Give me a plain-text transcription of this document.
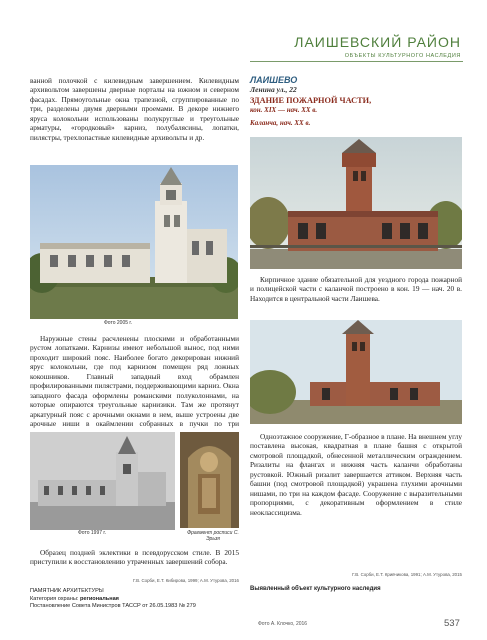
ЛАИШЕВСКИЙ РАЙОН
ОБЪЕКТЫ КУЛЬТУРНОГО НАСЛЕДИЯ

ванной полочкой с килевидным завершением. Килевидным архивольтом завершены дверные порталы на южном и северном фасадах. Прямоугольные окна трапезной, сгруппированные по три, разделены двумя дверными проемами. В декоре нижнего яруса колокольни использованы полукруглые и треугольные арматуры, «городковый» карниз, полубалясины, лопатки, пилястры, трехлопастные килевидные архивольты и др.

Фото 2005 г.

Наружные стены расчленены плоскими и обработанными рустом лопатками. Карнизы имеют небольшой вынос, под ними проходит широкий пояс. Наиболее богато декорирован нижний ярус колокольни, где под карнизом помещен ряд ложных кокошников. Главный западный вход обрамлен профилированными пилястрами, поддерживающими карниз. Окна западного фасада оформлены романскими полуколоннами, на которые опираются треугольные карнизики. Там же протянут аркатурный пояс с арочными окнами в нем, выше устроены две арочные ниши в окаймлении собранных в пучки по три

Фото 1997 г.	Фрагмент росписи С. Эрьзя

Образец поздней эклектики в псевдорусском стиле. В 2015 приступили к восстановлению утраченных завершений собора.

Г.В. Сорби, Е.Т. Кибирова, 1999; А.М. Утурова, 2016
ПАМЯТНИК АРХИТЕКТУРЫ
Категория охраны: региональная
Постановление Совета Министров ТАССР от 26.05.1983 № 279
ЛАИШЕВО
Ленина ул., 22
ЗДАНИЕ ПОЖАРНОЙ ЧАСТИ,
кон. XIX — нач. XX в.
Каланча, нач. XX в.

Кирпичное здание обязательной для уездного города пожарной и полицейской части с каланчой построено в кон. 19 — нач. 20 в. Находится в центральной части Лаишева.

Одноэтажное сооружение, Г-образное в плане. На внешнем углу поставлена высокая, квадратная в плане башня с открытой смотровой площадкой, обнесенной металлическим ограждением. Ризалиты на флангах и нижняя часть каланчи обработаны рустовкой. Южный ризалит завершается аттиком. Верхняя часть башни (под смотровой площадкой) украшена глухими арочными нишами, по три на каждом фасаде. Сооружение с выразительными пропорциями, с декоративным оформлением в стиле неоклассицизма.

Г.В. Сорби, Е.Т. Кривчикова, 1991; А.М. Утурова, 2015
Выявленный объект культурного наследия
Фото А. Клочко, 2016	537
